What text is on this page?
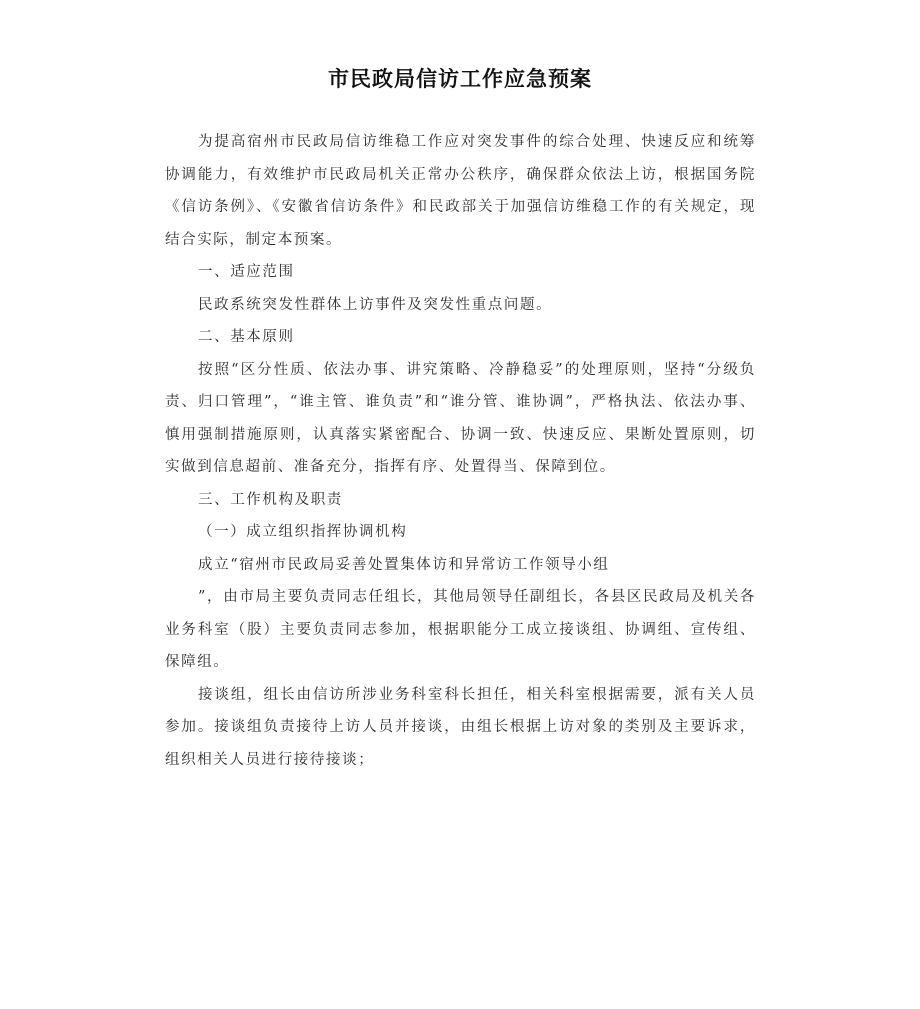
市民政局信访工作应急预案

为提高宿州市民政局信访维稳工作应对突发事件的综合处理、快速反应和统筹协调能力，有效维护市民政局机关正常办公秩序，确保群众依法上访，根据国务院《信访条例》、《安徽省信访条件》和民政部关于加强信访维稳工作的有关规定，现结合实际，制定本预案。

一、适应范围

民政系统突发性群体上访事件及突发性重点问题。

二、基本原则

按照“区分性质、依法办事、讲究策略、冷静稳妥”的处理原则，坚持“分级负责、归口管理”，“谁主管、谁负责”和“谁分管、谁协调”，严格执法、依法办事、慎用强制措施原则，认真落实紧密配合、协调一致、快速反应、果断处置原则，切实做到信息超前、准备充分，指挥有序、处置得当、保障到位。

三、工作机构及职责

（一）成立组织指挥协调机构

成立“宿州市民政局妥善处置集体访和异常访工作领导小组

”，由市局主要负责同志任组长，其他局领导任副组长，各县区民政局及机关各业务科室（股）主要负责同志参加，根据职能分工成立接谈组、协调组、宣传组、保障组。

接谈组，组长由信访所涉业务科室科长担任，相关科室根据需要，派有关人员参加。接谈组负责接待上访人员并接谈，由组长根据上访对象的类别及主要诉求，组织相关人员进行接待接谈；
